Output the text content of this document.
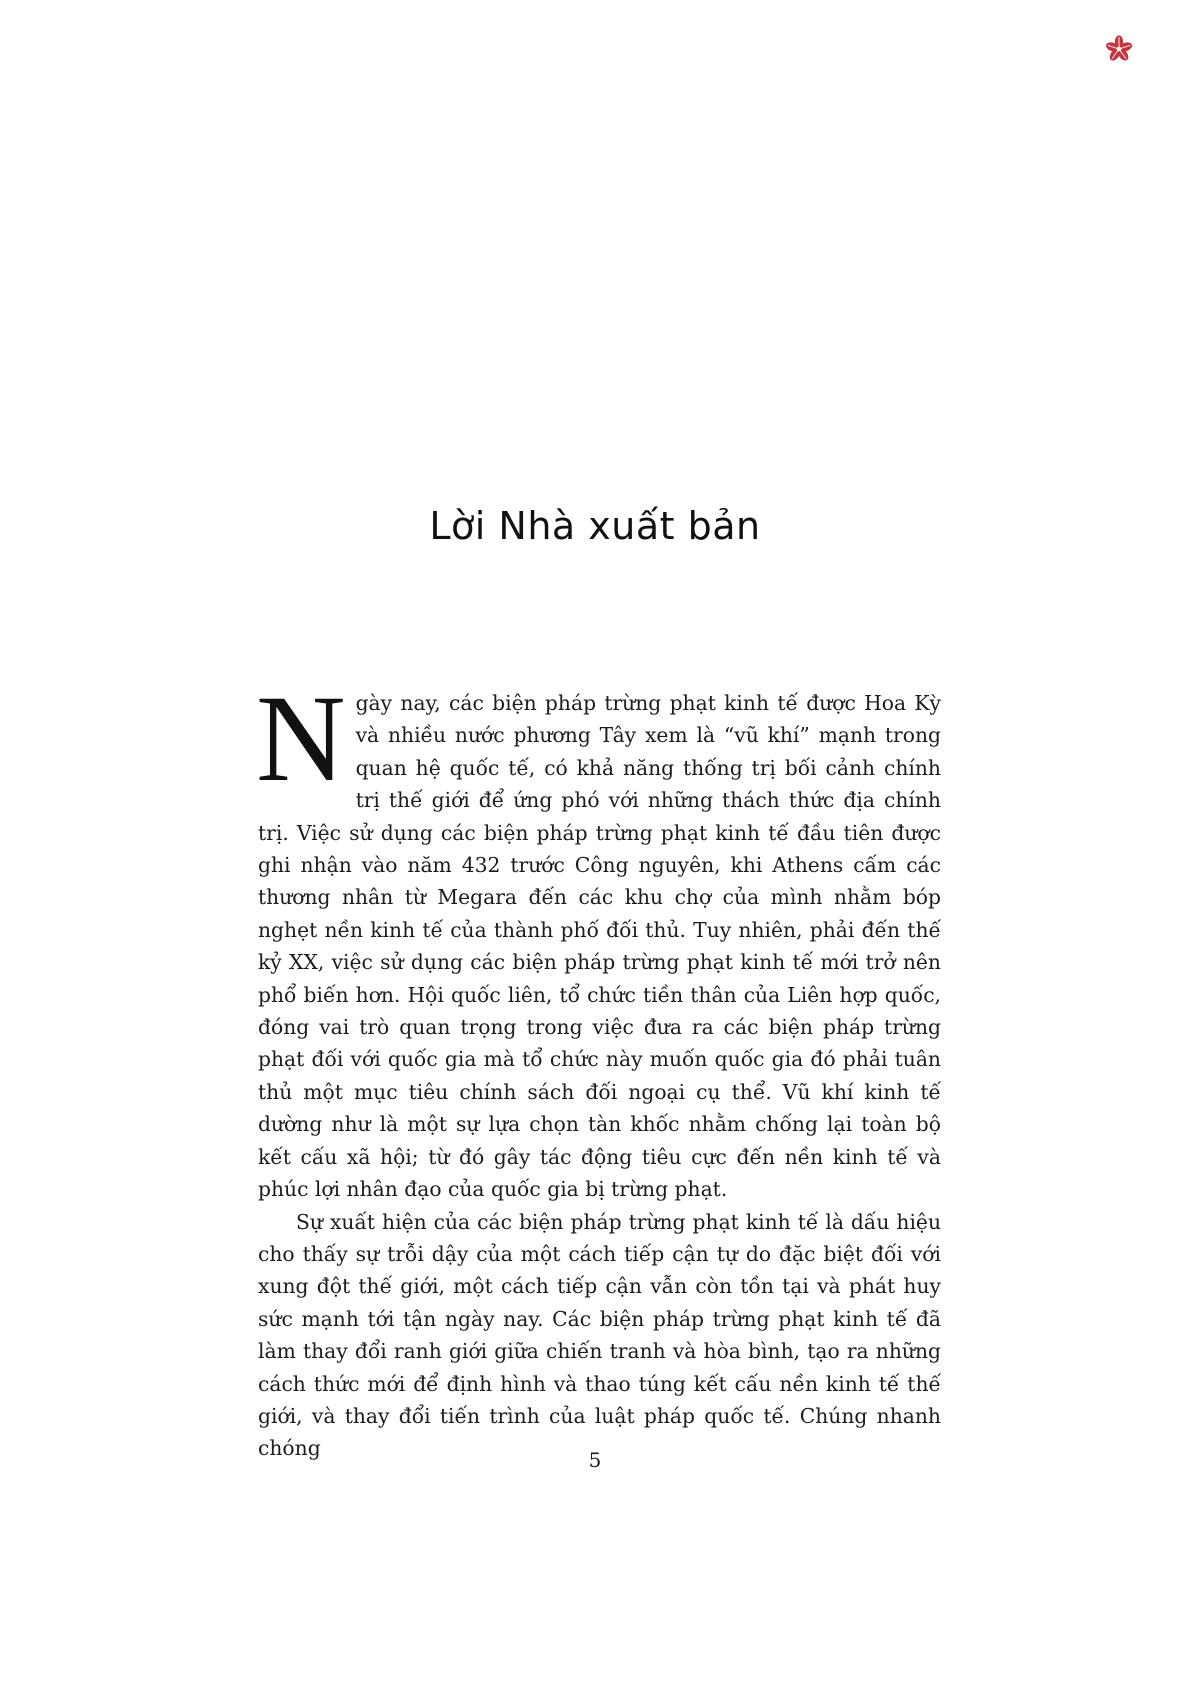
Lời Nhà xuất bản

Ngày nay, các biện pháp trừng phạt kinh tế được Hoa Kỳ và nhiều nước phương Tây xem là “vũ khí” mạnh trong quan hệ quốc tế, có khả năng thống trị bối cảnh chính trị thế giới để ứng phó với những thách thức địa chính trị. Việc sử dụng các biện pháp trừng phạt kinh tế đầu tiên được ghi nhận vào năm 432 trước Công nguyên, khi Athens cấm các thương nhân từ Megara đến các khu chợ của mình nhằm bóp nghẹt nền kinh tế của thành phố đối thủ. Tuy nhiên, phải đến thế kỷ XX, việc sử dụng các biện pháp trừng phạt kinh tế mới trở nên phổ biến hơn. Hội quốc liên, tổ chức tiền thân của Liên hợp quốc, đóng vai trò quan trọng trong việc đưa ra các biện pháp trừng phạt đối với quốc gia mà tổ chức này muốn quốc gia đó phải tuân thủ một mục tiêu chính sách đối ngoại cụ thể. Vũ khí kinh tế dường như là một sự lựa chọn tàn khốc nhằm chống lại toàn bộ kết cấu xã hội; từ đó gây tác động tiêu cực đến nền kinh tế và phúc lợi nhân đạo của quốc gia bị trừng phạt.

Sự xuất hiện của các biện pháp trừng phạt kinh tế là dấu hiệu cho thấy sự trỗi dậy của một cách tiếp cận tự do đặc biệt đối với xung đột thế giới, một cách tiếp cận vẫn còn tồn tại và phát huy sức mạnh tới tận ngày nay. Các biện pháp trừng phạt kinh tế đã làm thay đổi ranh giới giữa chiến tranh và hòa bình, tạo ra những cách thức mới để định hình và thao túng kết cấu nền kinh tế thế giới, và thay đổi tiến trình của luật pháp quốc tế. Chúng nhanh chóng	5
